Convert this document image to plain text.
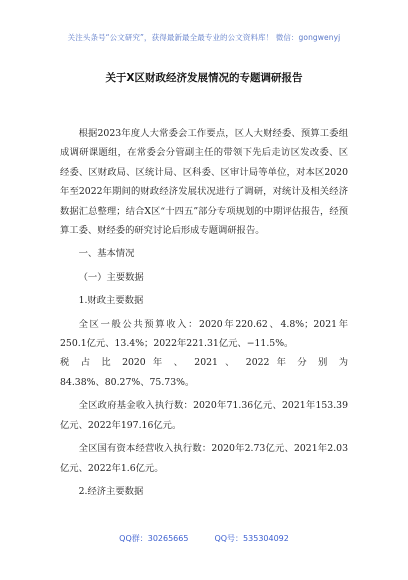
关注头条号“公文研究”，获得最新最全最专业的公文资料库！ 微信：gongwenyj
关于X区财政经济发展情况的专题调研报告

根据2023年度人大常委会工作要点，区人大财经委、预算工委组成调研课题组，在常委会分管副主任的带领下先后走访区发改委、区经委、区财政局、区统计局、区科委、区审计局等单位，对本区2020年至2022年期间的财政经济发展状况进行了调研，对统计及相关经济数据汇总整理；结合X区“十四五”部分专项规划的中期评估报告，经预算工委、财经委的研究讨论后形成专题调研报告。

一、基本情况

（一）主要数据

1.财政主要数据

全区一般公共预算收入：2020年220.62、4.8%；2021年250.1亿元、13.4%；2022年221.31亿元、−11.5%。

税 占 比 2020 年 、 2021 、 2022 年 分 别 为

84.38%、80.27%、75.73%。

全区政府基金收入执行数：2020年71.36亿元、2021年153.39亿元、2022年197.16亿元。

全区国有资本经营收入执行数：2020年2.73亿元、2021年2.03亿元、2022年1.6亿元。

2.经济主要数据

QQ群：30265665	QQ号：535304092
